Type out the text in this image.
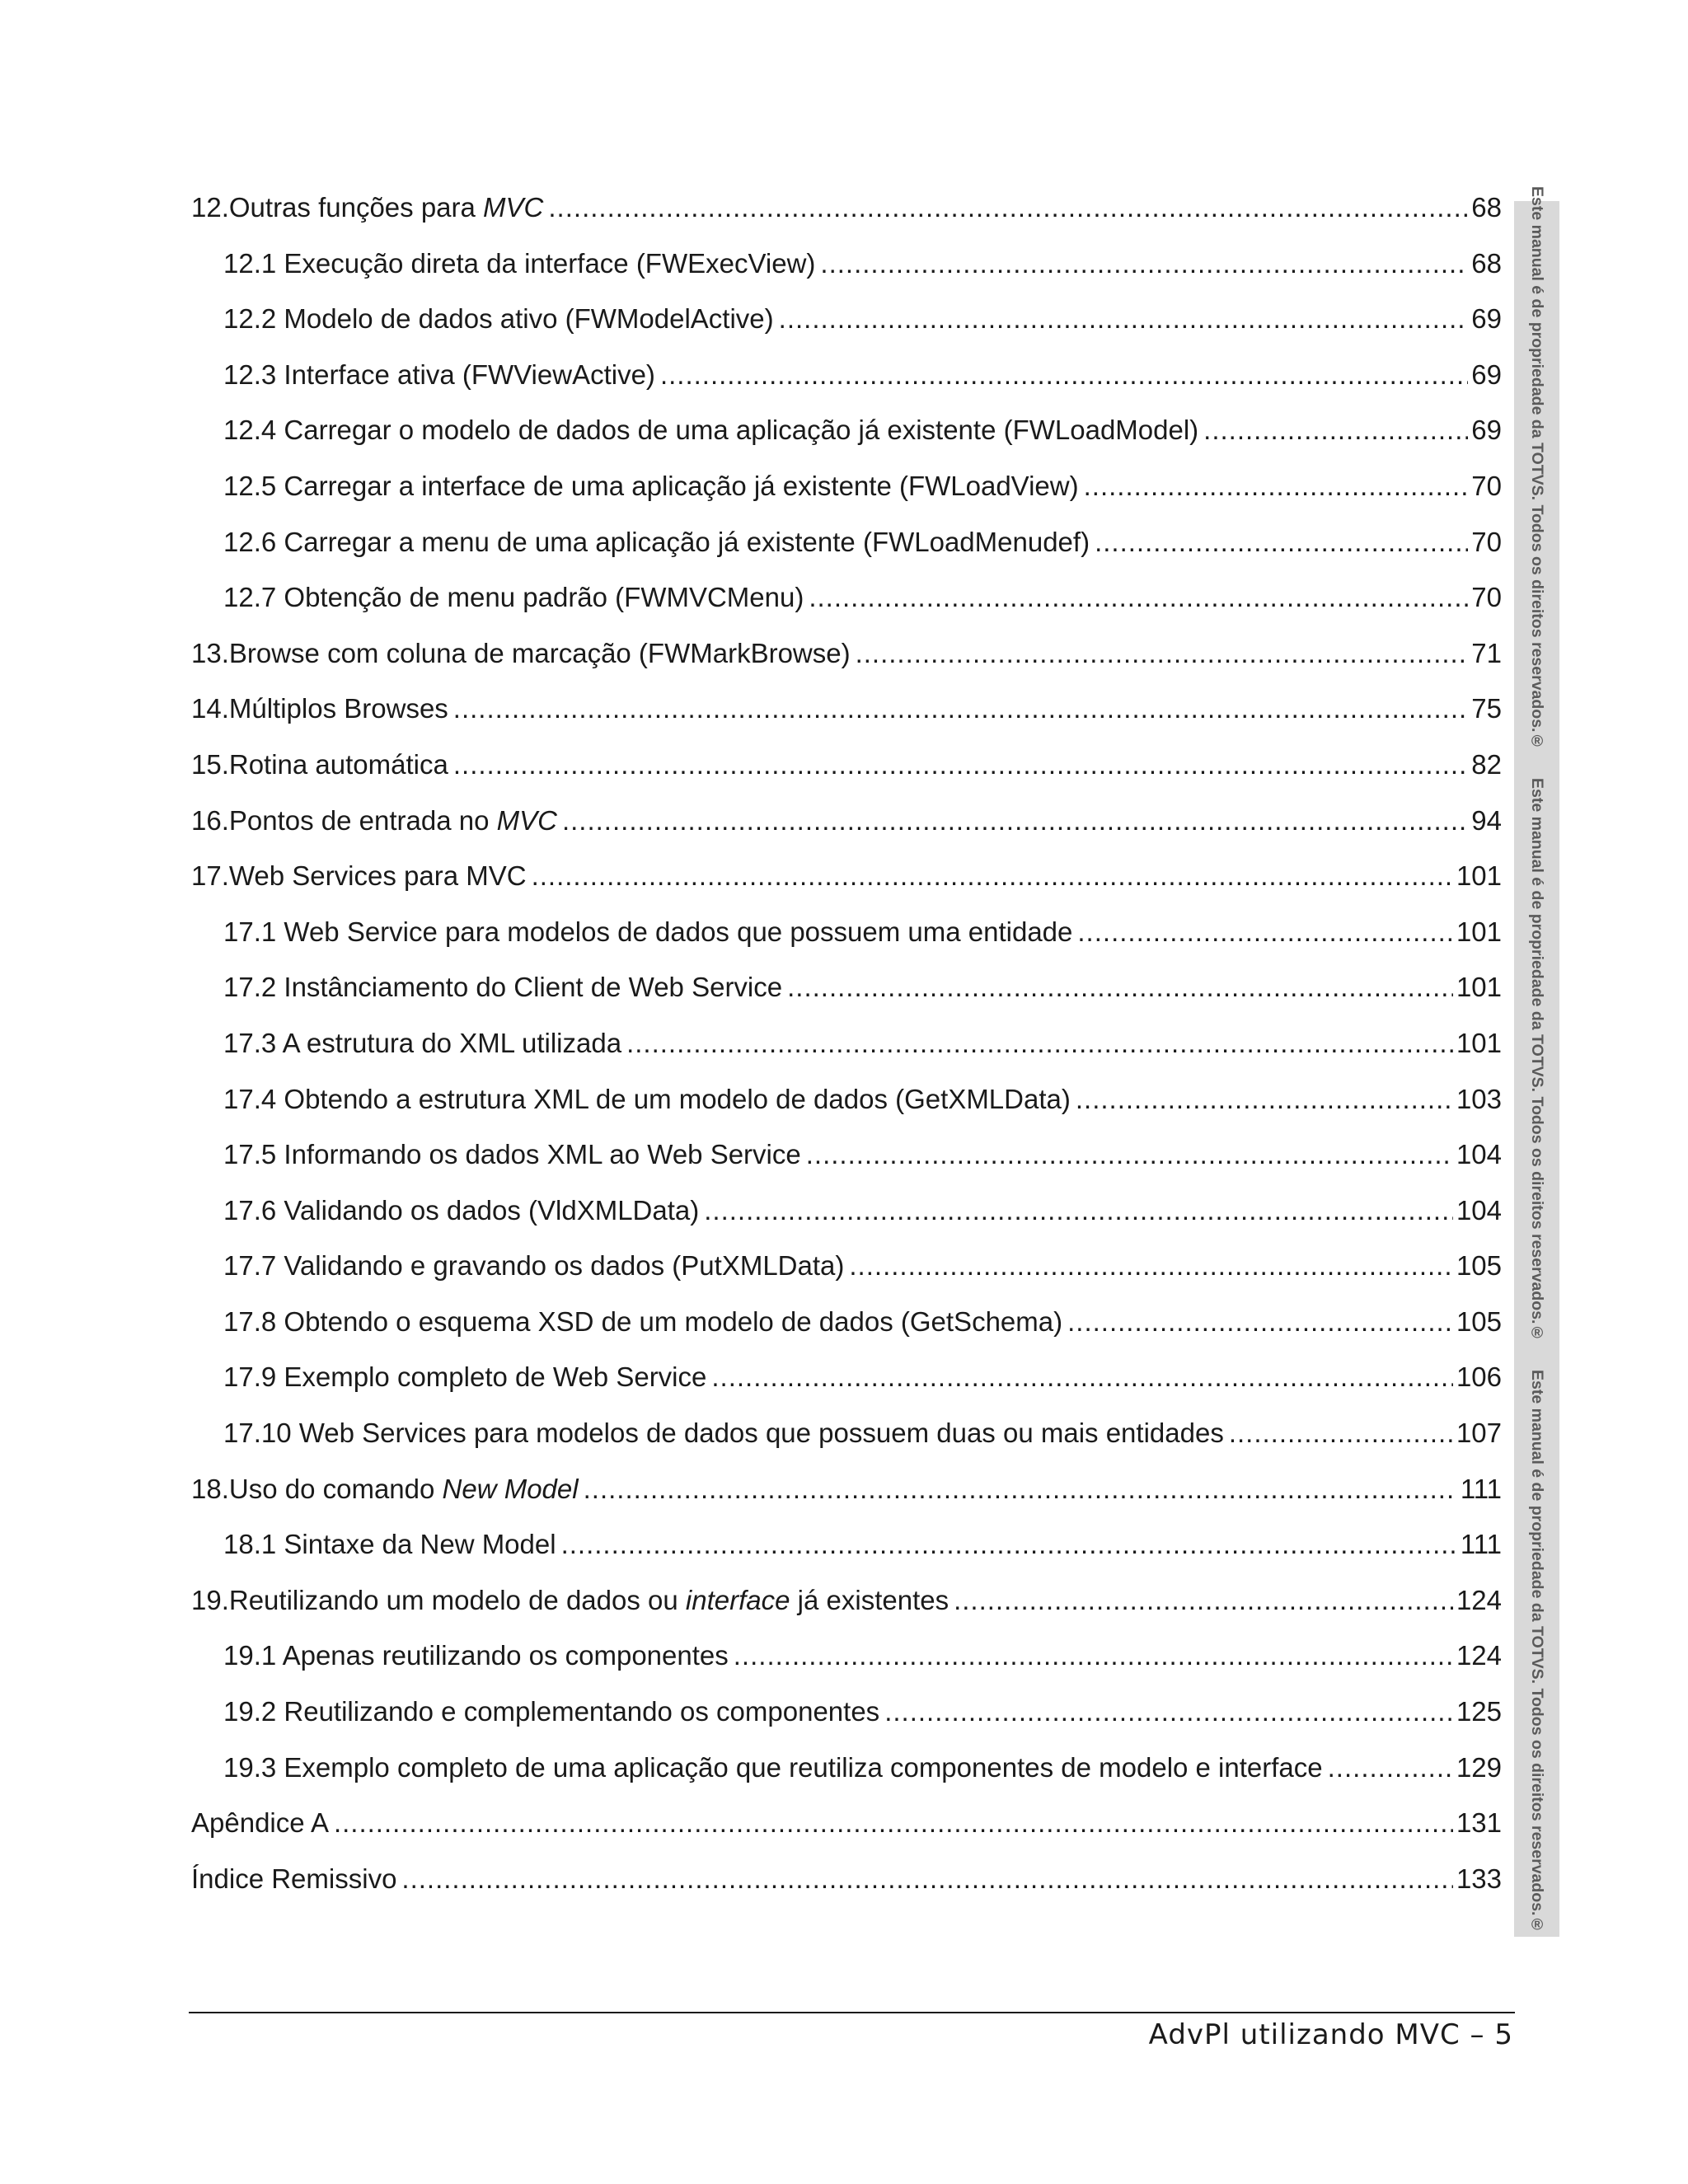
12.Outras funções para MVC .....	68
12.1 Execução direta da interface (FWExecView) .....	68
12.2 Modelo de dados ativo (FWModelActive) .....	69
12.3 Interface ativa (FWViewActive) .....	69
12.4 Carregar o modelo de dados de uma aplicação já existente (FWLoadModel) .....	69
12.5 Carregar a interface de uma aplicação já existente (FWLoadView) .....	70
12.6 Carregar a menu de uma aplicação já existente (FWLoadMenudef) .....	70
12.7 Obtenção de menu padrão (FWMVCMenu) .....	70
13.Browse com coluna de marcação (FWMarkBrowse) .....	71
14.Múltiplos Browses .....	75
15.Rotina automática .....	82
16.Pontos de entrada no MVC .....	94
17.Web Services para MVC .....	101
17.1 Web Service para modelos de dados que possuem uma entidade .....	101
17.2 Instânciamento do Client de Web Service .....	101
17.3 A estrutura do XML utilizada .....	101
17.4 Obtendo a estrutura XML de um modelo de dados (GetXMLData) .....	103
17.5 Informando os dados XML ao Web Service .....	104
17.6 Validando os dados (VldXMLData) .....	104
17.7 Validando e gravando os dados (PutXMLData) .....	105
17.8 Obtendo o esquema XSD de um modelo de dados (GetSchema) .....	105
17.9 Exemplo completo de Web Service .....	106
17.10 Web Services para modelos de dados que possuem duas ou mais entidades .....	107
18.Uso do comando New Model .....	111
18.1 Sintaxe da New Model .....	111
19.Reutilizando um modelo de dados ou interface já existentes .....	124
19.1 Apenas reutilizando os componentes .....	124
19.2 Reutilizando e complementando os componentes .....	125
19.3 Exemplo completo de uma aplicação que reutiliza componentes de modelo e interface .....	129
Apêndice A .....	131
Índice Remissivo .....	133
Este manual é de propriedade da TOTVS. Todos os direitos reservados.®
Este manual é de propriedade da TOTVS. Todos os direitos reservados.®
Este manual é de propriedade da TOTVS. Todos os direitos reservados.®
AdvPl utilizando MVC – 5
